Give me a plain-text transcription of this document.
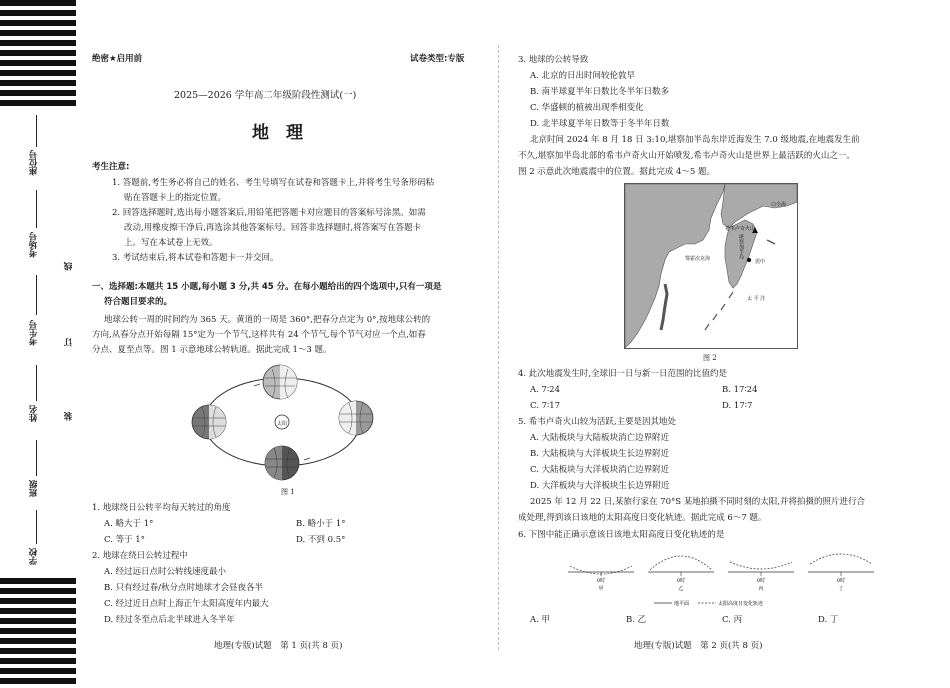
座位号
考场号
考生号
姓名
班级
学校
线
订
装
绝密★启用前	试卷类型:专版
2025—2026 学年高二年级阶段性测试(一)
地　理
考生注意:
1. 答题前,考生务必将自己的姓名、考生号填写在试卷和答题卡上,并将考生号条形码粘
贴在答题卡上的指定位置。
2. 回答选择题时,选出每小题答案后,用铅笔把答题卡对应题目的答案标号涂黑。如需
改动,用橡皮擦干净后,再选涂其他答案标号。回答非选择题时,将答案写在答题卡
上。写在本试卷上无效。
3. 考试结束后,将本试卷和答题卡一并交回。
一、选择题:本题共 15 小题,每小题 3 分,共 45 分。在每小题给出的四个选项中,只有一项是
符合题目要求的。
地球公转一周的时间约为 365 天。黄道的一周是 360°,把春分点定为 0°,按地球公转的
方向,从春分点开始每隔 15°定为一个节气,这样共有 24 个节气,每个节气对应一个点,如春
分点、夏至点等。图 1 示意地球公转轨道。据此完成 1～3 题。
太阳
图 1
1. 地球绕日公转平均每天转过的角度
A. 略大于 1°	B. 略小于 1°
C. 等于 1°	D. 不到 0.5°
2. 地球在绕日公转过程中
A. 经过远日点时公转线速度最小
B. 只有经过春/秋分点时地球才会昼夜各半
C. 经过近日点时上海正午太阳高度年内最大
D. 经过冬至点后北半球进入冬半年
地理(专版)试题　第 1 页(共 8 页)
3. 地球的公转导致
A. 北京的日出时间较伦敦早
B. 南半球夏半年日数比冬半年日数多
C. 华盛顿的植被出现季相变化
D. 北半球夏半年日数等于冬半年日数
北京时间 2024 年 8 月 18 日 3:10,堪察加半岛东岸近海发生 7.0 级地震,在地震发生前
不久,堪察加半岛北部的希韦卢奇火山开始喷发,希韦卢奇火山是世界上最活跃的火山之一。
图 2 示意此次地震震中的位置。据此完成 4～5 题。
希韦卢奇火山
白令海
堪察加半岛
鄂霍次克海	震中
太 平 洋
图 2
4. 此次地震发生时,全球旧一日与新一日范围的比值约是
A. 7∶24	B. 17∶24
C. 7∶17	D. 17∶7
5. 希韦卢奇火山较为活跃,主要是因其地处
A. 大陆板块与大陆板块消亡边界附近
B. 大陆板块与大洋板块生长边界附近
C. 大陆板块与大洋板块消亡边界附近
D. 大洋板块与大洋板块生长边界附近
2025 年 12 月 22 日,某旅行家在 70°S 某地拍摄不同时刻的太阳,并将拍摄的照片进行合
成处理,得到该日该地的太阳高度日变化轨迹。据此完成 6～7 题。
6. 下图中能正确示意该日该地太阳高度日变化轨迹的是
0时
甲
0时
乙
0时
丙
0时
丁
地平面	太阳高度日变化轨迹
A. 甲	B. 乙	C. 丙	D. 丁
地理(专版)试题　第 2 页(共 8 页)
